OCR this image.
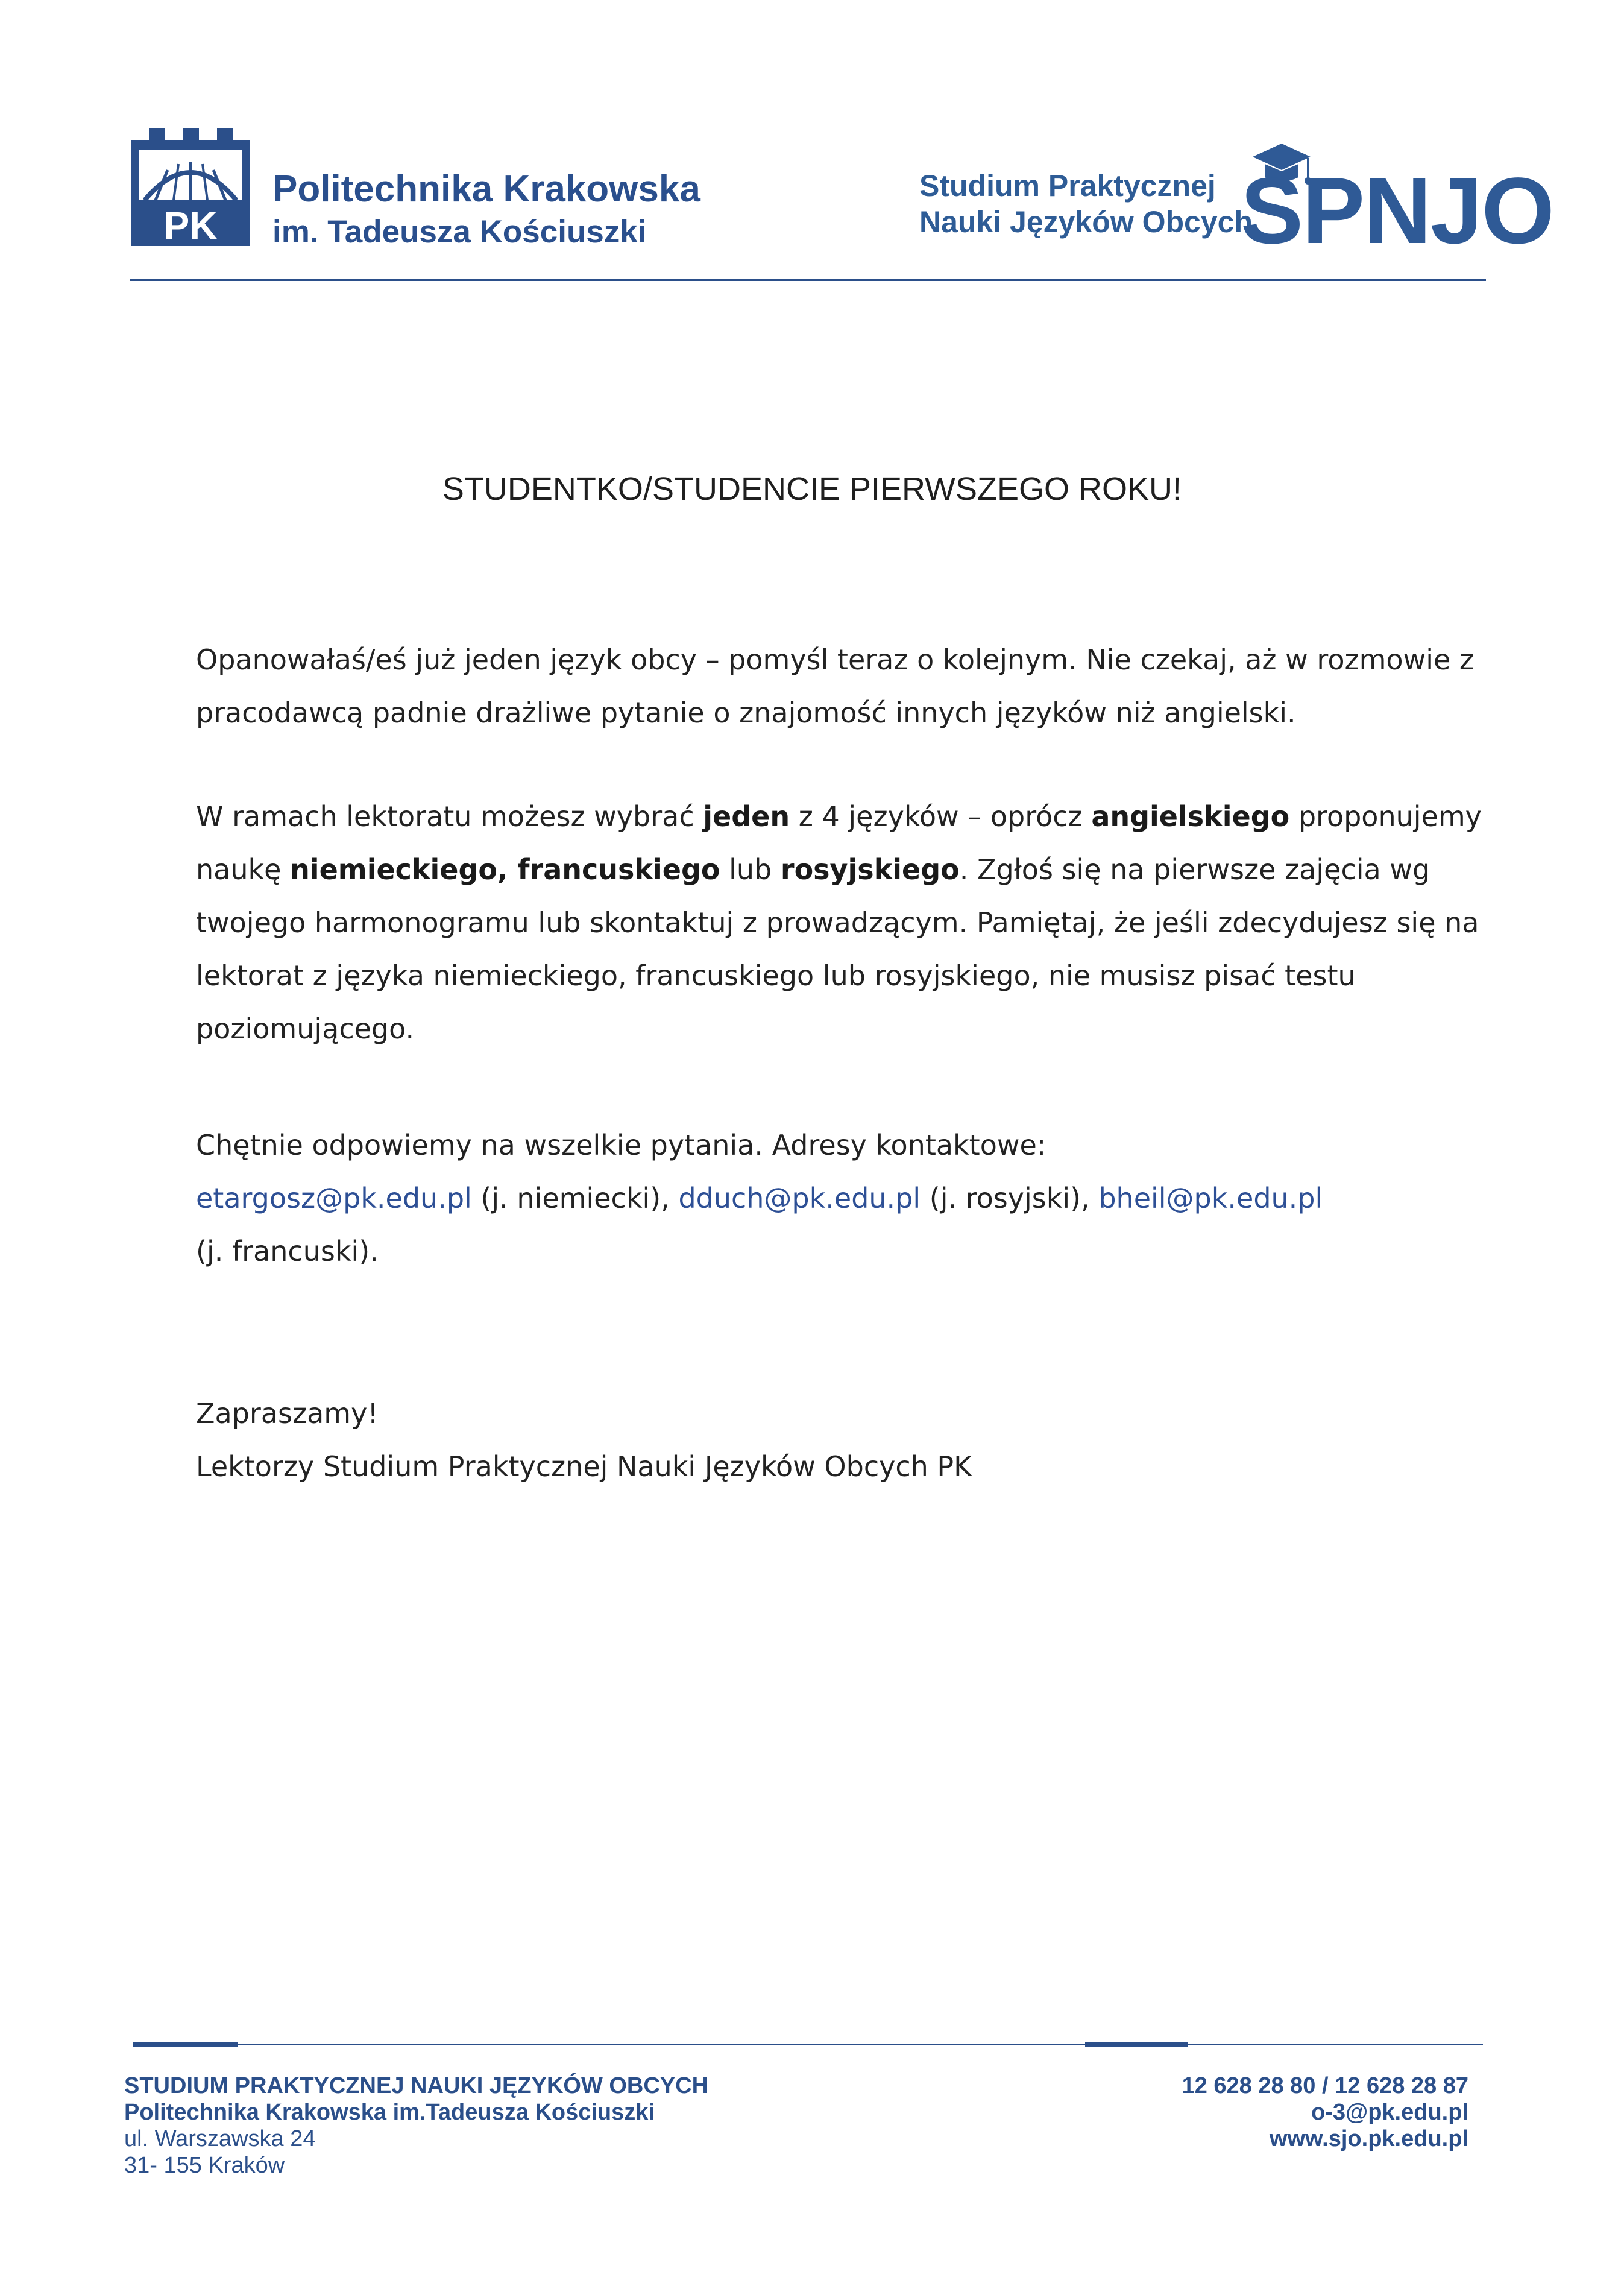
PK
Politechnika Krakowska
im. Tadeusza Kościuszki
Studium Praktycznej
Nauki Języków Obcych
SPNJO
STUDENTKO/STUDENCIE PIERWSZEGO ROKU!
Opanowałaś/eś już jeden język obcy – pomyśl teraz o kolejnym. Nie czekaj, aż w rozmowie z pracodawcą padnie drażliwe pytanie o znajomość innych języków niż angielski.
W ramach lektoratu możesz wybrać jeden z 4 języków – oprócz angielskiego proponujemy naukę niemieckiego, francuskiego lub rosyjskiego. Zgłoś się na pierwsze zajęcia wg twojego harmonogramu lub skontaktuj z prowadzącym. Pamiętaj, że jeśli zdecydujesz się na lektorat z języka niemieckiego, francuskiego lub rosyjskiego, nie musisz pisać testu poziomującego.
Chętnie odpowiemy na wszelkie pytania. Adresy kontaktowe:
etargosz@pk.edu.pl (j. niemiecki), dduch@pk.edu.pl (j. rosyjski), bheil@pk.edu.pl
(j. francuski).
Zapraszamy!
Lektorzy Studium Praktycznej Nauki Języków Obcych PK
STUDIUM PRAKTYCZNEJ NAUKI JĘZYKÓW OBCYCH
Politechnika Krakowska im.Tadeusza Kościuszki
ul. Warszawska 24
31- 155 Kraków
12 628 28 80 / 12 628 28 87
o-3@pk.edu.pl
www.sjo.pk.edu.pl
